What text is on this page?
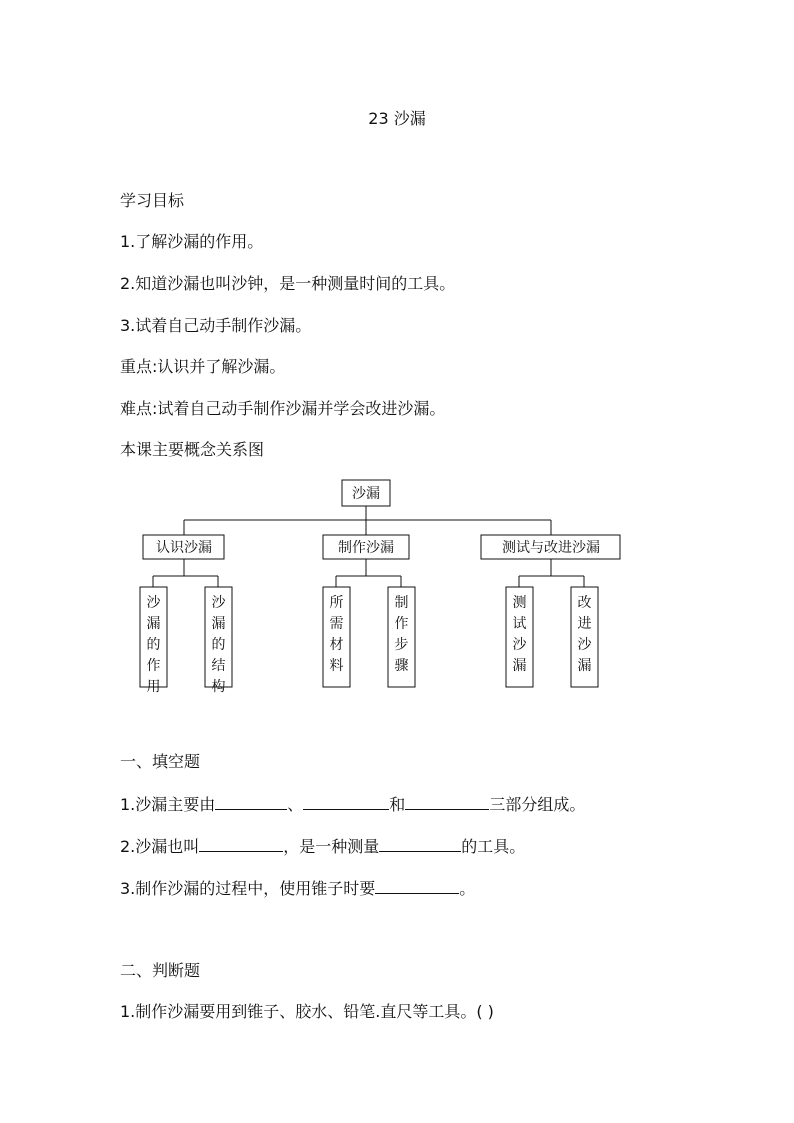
23 沙漏
学习目标
1.了解沙漏的作用。
2.知道沙漏也叫沙钟，是一种测量时间的工具。
3.试着自己动手制作沙漏。
重点:认识并了解沙漏。
难点:试着自己动手制作沙漏并学会改进沙漏。
本课主要概念关系图
沙漏
认识沙漏	制作沙漏	测试与改进沙漏
沙漏的作用
沙漏的结构
所需材料
制作步骤
测试沙漏
改进沙漏
一、填空题
1.沙漏主要由	、	和	三部分组成。
2.沙漏也叫	，是一种测量	的工具。
3.制作沙漏的过程中，使用锥子时要	。
二、判断题
1.制作沙漏要用到锥子、胶水、铅笔.直尺等工具。( )
